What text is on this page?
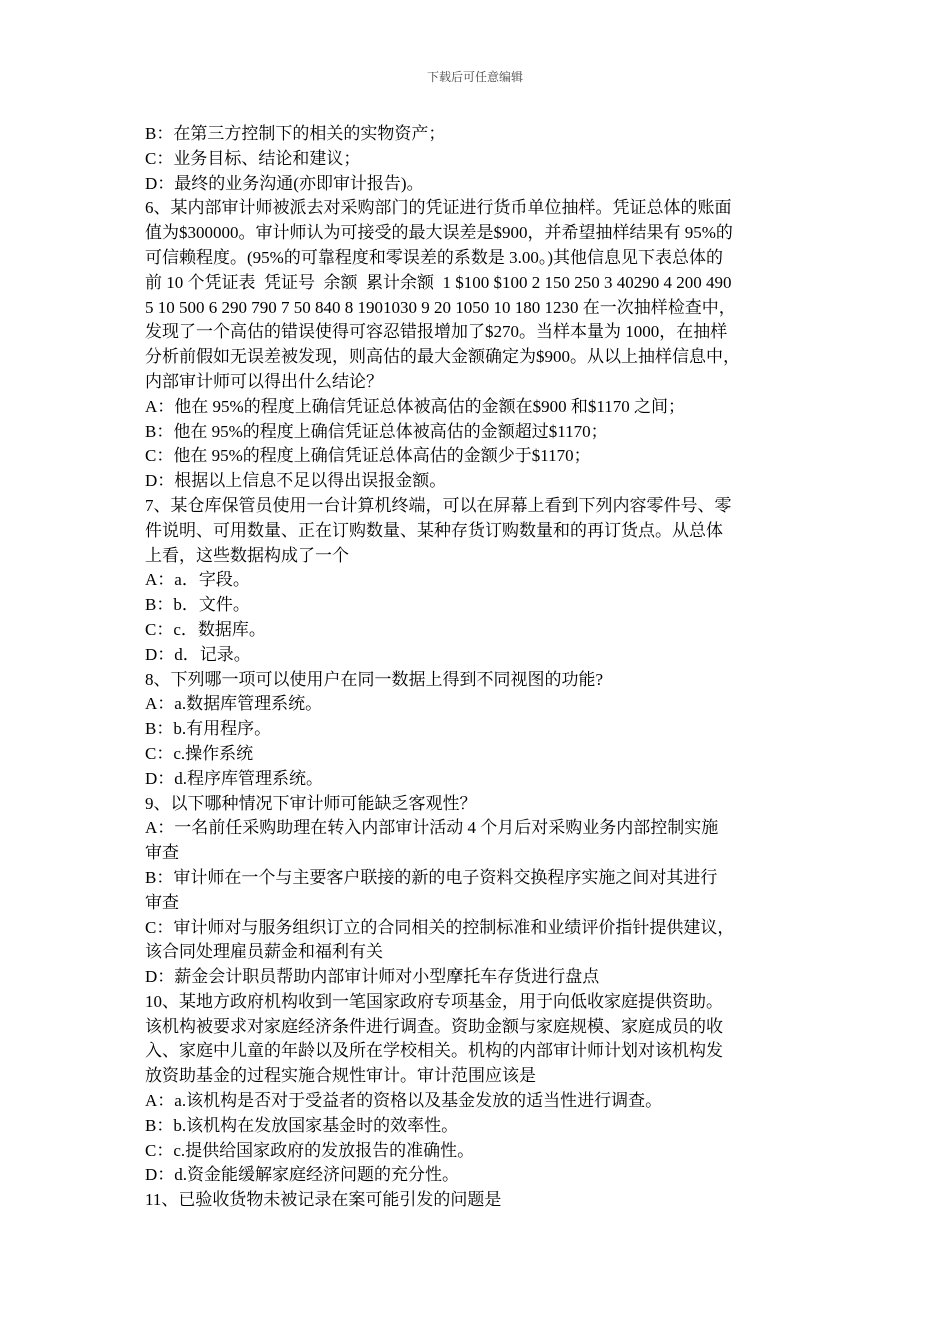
下载后可任意编辑
B：在第三方控制下的相关的实物资产；
C：业务目标、结论和建议；
D：最终的业务沟通(亦即审计报告)。
6、某内部审计师被派去对采购部门的凭证进行货币单位抽样。凭证总体的账面
值为$300000。审计师认为可接受的最大误差是$900，并希望抽样结果有 95%的
可信赖程度。(95%的可靠程度和零误差的系数是 3.00。)其他信息见下表总体的
前 10 个凭证表  凭证号  余额  累计余额  1 $100 $100 2 150 250 3 40290 4 200 490
5 10 500 6 290 790 7 50 840 8 1901030 9 20 1050 10 180 1230 在一次抽样检查中，
发现了一个高估的错误使得可容忍错报增加了$270。当样本量为 1000，在抽样
分析前假如无误差被发现，则高估的最大金额确定为$900。从以上抽样信息中，
内部审计师可以得出什么结论？
A：他在 95%的程度上确信凭证总体被高估的金额在$900 和$1170 之间；
B：他在 95%的程度上确信凭证总体被高估的金额超过$1170；
C：他在 95%的程度上确信凭证总体高估的金额少于$1170；
D：根据以上信息不足以得出误报金额。
7、某仓库保管员使用一台计算机终端，可以在屏幕上看到下列内容零件号、零
件说明、可用数量、正在订购数量、某种存货订购数量和的再订货点。从总体
上看，这些数据构成了一个
A：a．字段。
B：b．文件。
C：c．数据库。
D：d．记录。
8、下列哪一项可以使用户在同一数据上得到不同视图的功能?
A：a.数据库管理系统。
B：b.有用程序。
C：c.操作系统
D：d.程序库管理系统。
9、以下哪种情况下审计师可能缺乏客观性？
A：一名前任采购助理在转入内部审计活动 4 个月后对采购业务内部控制实施
审查
B：审计师在一个与主要客户联接的新的电子资料交换程序实施之间对其进行
审查
C：审计师对与服务组织订立的合同相关的控制标准和业绩评价指针提供建议，
该合同处理雇员薪金和福利有关
D：薪金会计职员帮助内部审计师对小型摩托车存货进行盘点
10、某地方政府机构收到一笔国家政府专项基金，用于向低收家庭提供资助。
该机构被要求对家庭经济条件进行调查。资助金额与家庭规模、家庭成员的收
入、家庭中儿童的年龄以及所在学校相关。机构的内部审计师计划对该机构发
放资助基金的过程实施合规性审计。审计范围应该是
A：a.该机构是否对于受益者的资格以及基金发放的适当性进行调查。
B：b.该机构在发放国家基金时的效率性。
C：c.提供给国家政府的发放报告的准确性。
D：d.资金能缓解家庭经济问题的充分性。
11、已验收货物未被记录在案可能引发的问题是
